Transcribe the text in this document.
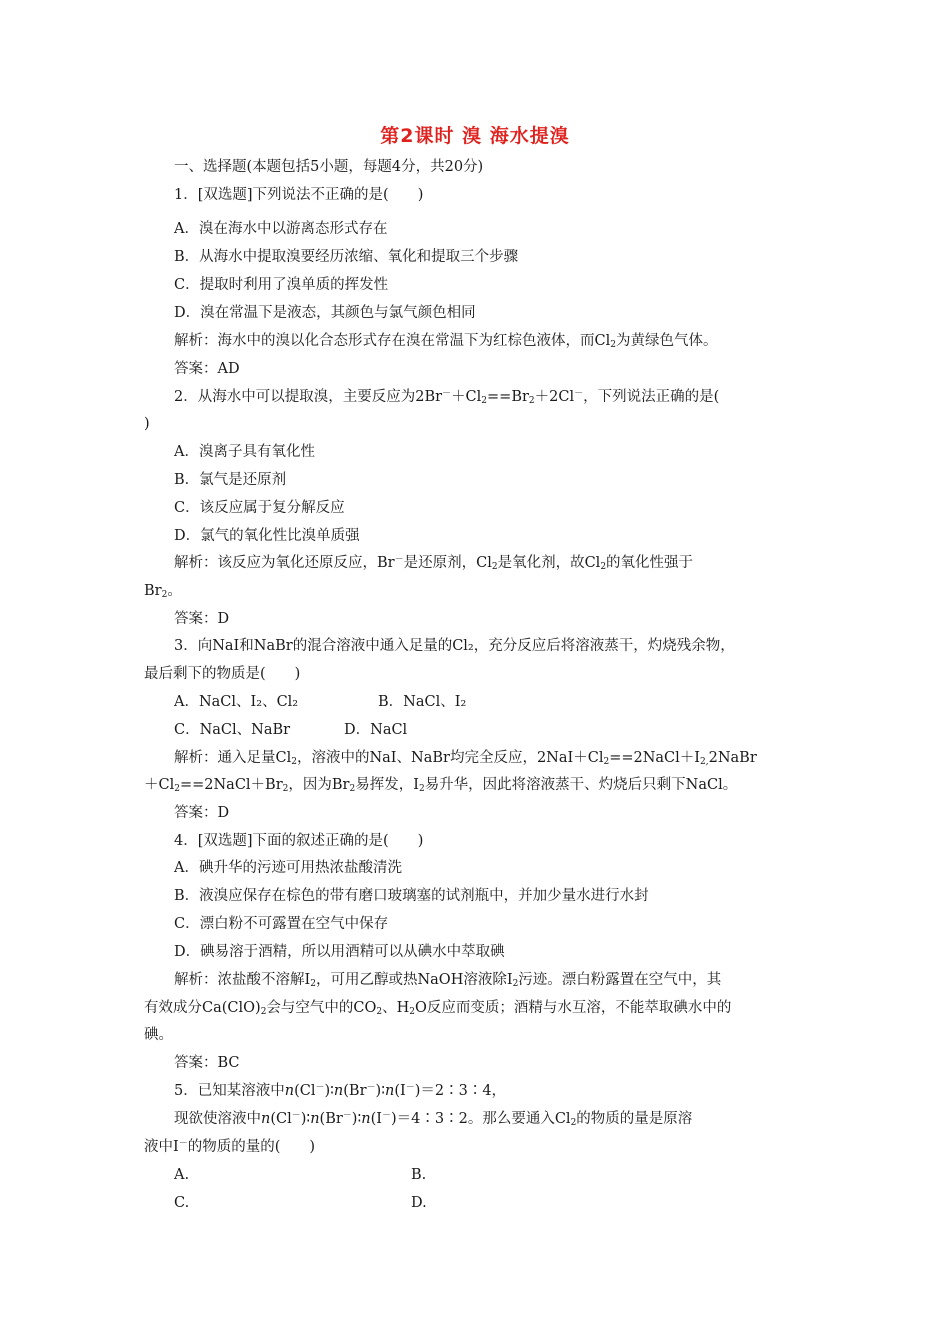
第2课时 溴 海水提溴
一、选择题(本题包括5小题，每题4分，共20分)
1．[双选题]下列说法不正确的是(　　)
A．溴在海水中以游离态形式存在
B．从海水中提取溴要经历浓缩、氧化和提取三个步骤
C．提取时利用了溴单质的挥发性
D．溴在常温下是液态，其颜色与氯气颜色相同
解析：海水中的溴以化合态形式存在溴在常温下为红棕色液体，而$Cl_2$为黄绿色气体。
答案：AD
2．从海水中可以提取溴，主要反应为$2Br^-+Cl_2==Br_2+2Cl^-$，下列说法正确的是(
)
A．溴离子具有氧化性
B．氯气是还原剂
C．该反应属于复分解反应
D．氯气的氧化性比溴单质强
解析：该反应为氧化还原反应，Br－是还原剂，$Cl_2$是氧化剂，故$Cl_2$的氧化性强于
$Br_2$。
答案：D
3．向NaI和NaBr的混合溶液中通入足量的Cl₂，充分反应后将溶液蒸干，灼烧残余物，
最后剩下的物质是(　　)
A．NaCl、I₂、Cl₂	B．NaCl、I₂
C．NaCl、NaBr	D．NaCl
解析：通入足量$Cl_2$，溶液中的NaI、NaBr均完全反应，$2NaI+Cl_2==2NaCl+I_{2,}2NaBr$
$+Cl_2==2NaCl+Br_2$，因为$Br_2$易挥发，$I_2$易升华，因此将溶液蒸干、灼烧后只剩下NaCl。
答案：D
4．[双选题]下面的叙述正确的是(　　)
A．碘升华的污迹可用热浓盐酸清洗
B．液溴应保存在棕色的带有磨口玻璃塞的试剂瓶中，并加少量水进行水封
C．漂白粉不可露置在空气中保存
D．碘易溶于酒精，所以用酒精可以从碘水中萃取碘
解析：浓盐酸不溶解$I_2$，可用乙醇或热NaOH溶液除$I_2$污迹。漂白粉露置在空气中，其
有效成分$Ca(ClO)_2$会与空气中的$CO_2$、$H_2O$反应而变质；酒精与水互溶，不能萃取碘水中的
碘。
答案：BC
5．已知某溶液中n(Cl－)∶n(Br－)∶n(I－)＝2∶3∶4，
现欲使溶液中n(Cl－)∶n(Br－)∶n(I－)＝4∶3∶2。那么要通入$Cl_2$的物质的量是原溶
液中I－的物质的量的(　　)
A.	B.
C.	D.
